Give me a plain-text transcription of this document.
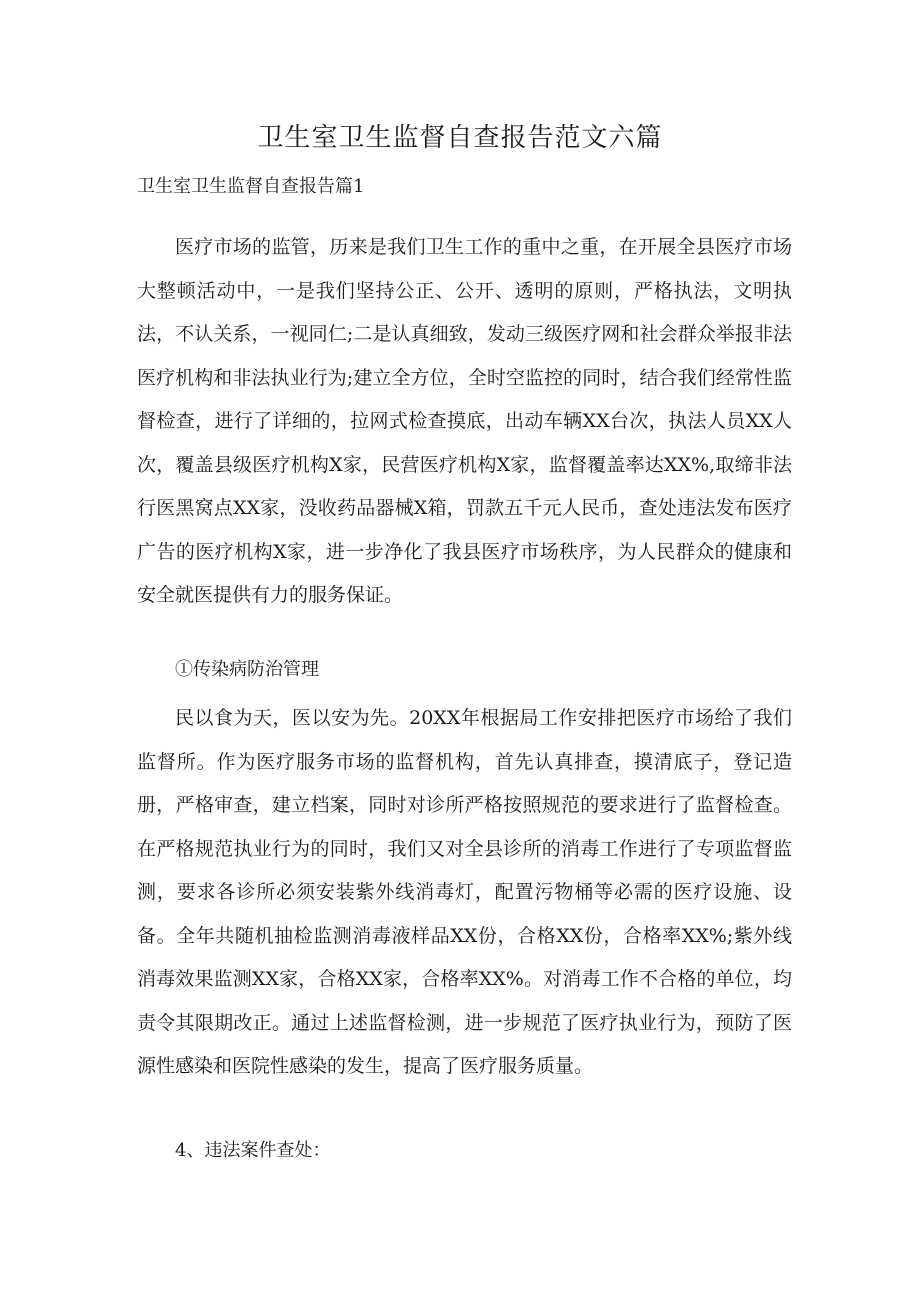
卫生室卫生监督自查报告范文六篇

卫生室卫生监督自查报告篇1

医疗市场的监管，历来是我们卫生工作的重中之重，在开展全县医疗市场大整顿活动中，一是我们坚持公正、公开、透明的原则，严格执法，文明执法，不认关系，一视同仁;二是认真细致，发动三级医疗网和社会群众举报非法医疗机构和非法执业行为;建立全方位，全时空监控的同时，结合我们经常性监督检查，进行了详细的，拉网式检查摸底，出动车辆XX台次，执法人员XX人次，覆盖县级医疗机构X家，民营医疗机构X家，监督覆盖率达XX%,取缔非法行医黑窝点XX家，没收药品器械X箱，罚款五千元人民币，查处违法发布医疗广告的医疗机构X家，进一步净化了我县医疗市场秩序，为人民群众的健康和安全就医提供有力的服务保证。

①传染病防治管理

民以食为天，医以安为先。20XX年根据局工作安排把医疗市场给了我们监督所。作为医疗服务市场的监督机构，首先认真排查，摸清底子，登记造册，严格审查，建立档案，同时对诊所严格按照规范的要求进行了监督检查。在严格规范执业行为的同时，我们又对全县诊所的消毒工作进行了专项监督监测，要求各诊所必须安装紫外线消毒灯，配置污物桶等必需的医疗设施、设备。全年共随机抽检监测消毒液样品XX份，合格XX份，合格率XX%;紫外线消毒效果监测XX家，合格XX家，合格率XX%。对消毒工作不合格的单位，均责令其限期改正。通过上述监督检测，进一步规范了医疗执业行为，预防了医源性感染和医院性感染的发生，提高了医疗服务质量。

4、违法案件查处：
